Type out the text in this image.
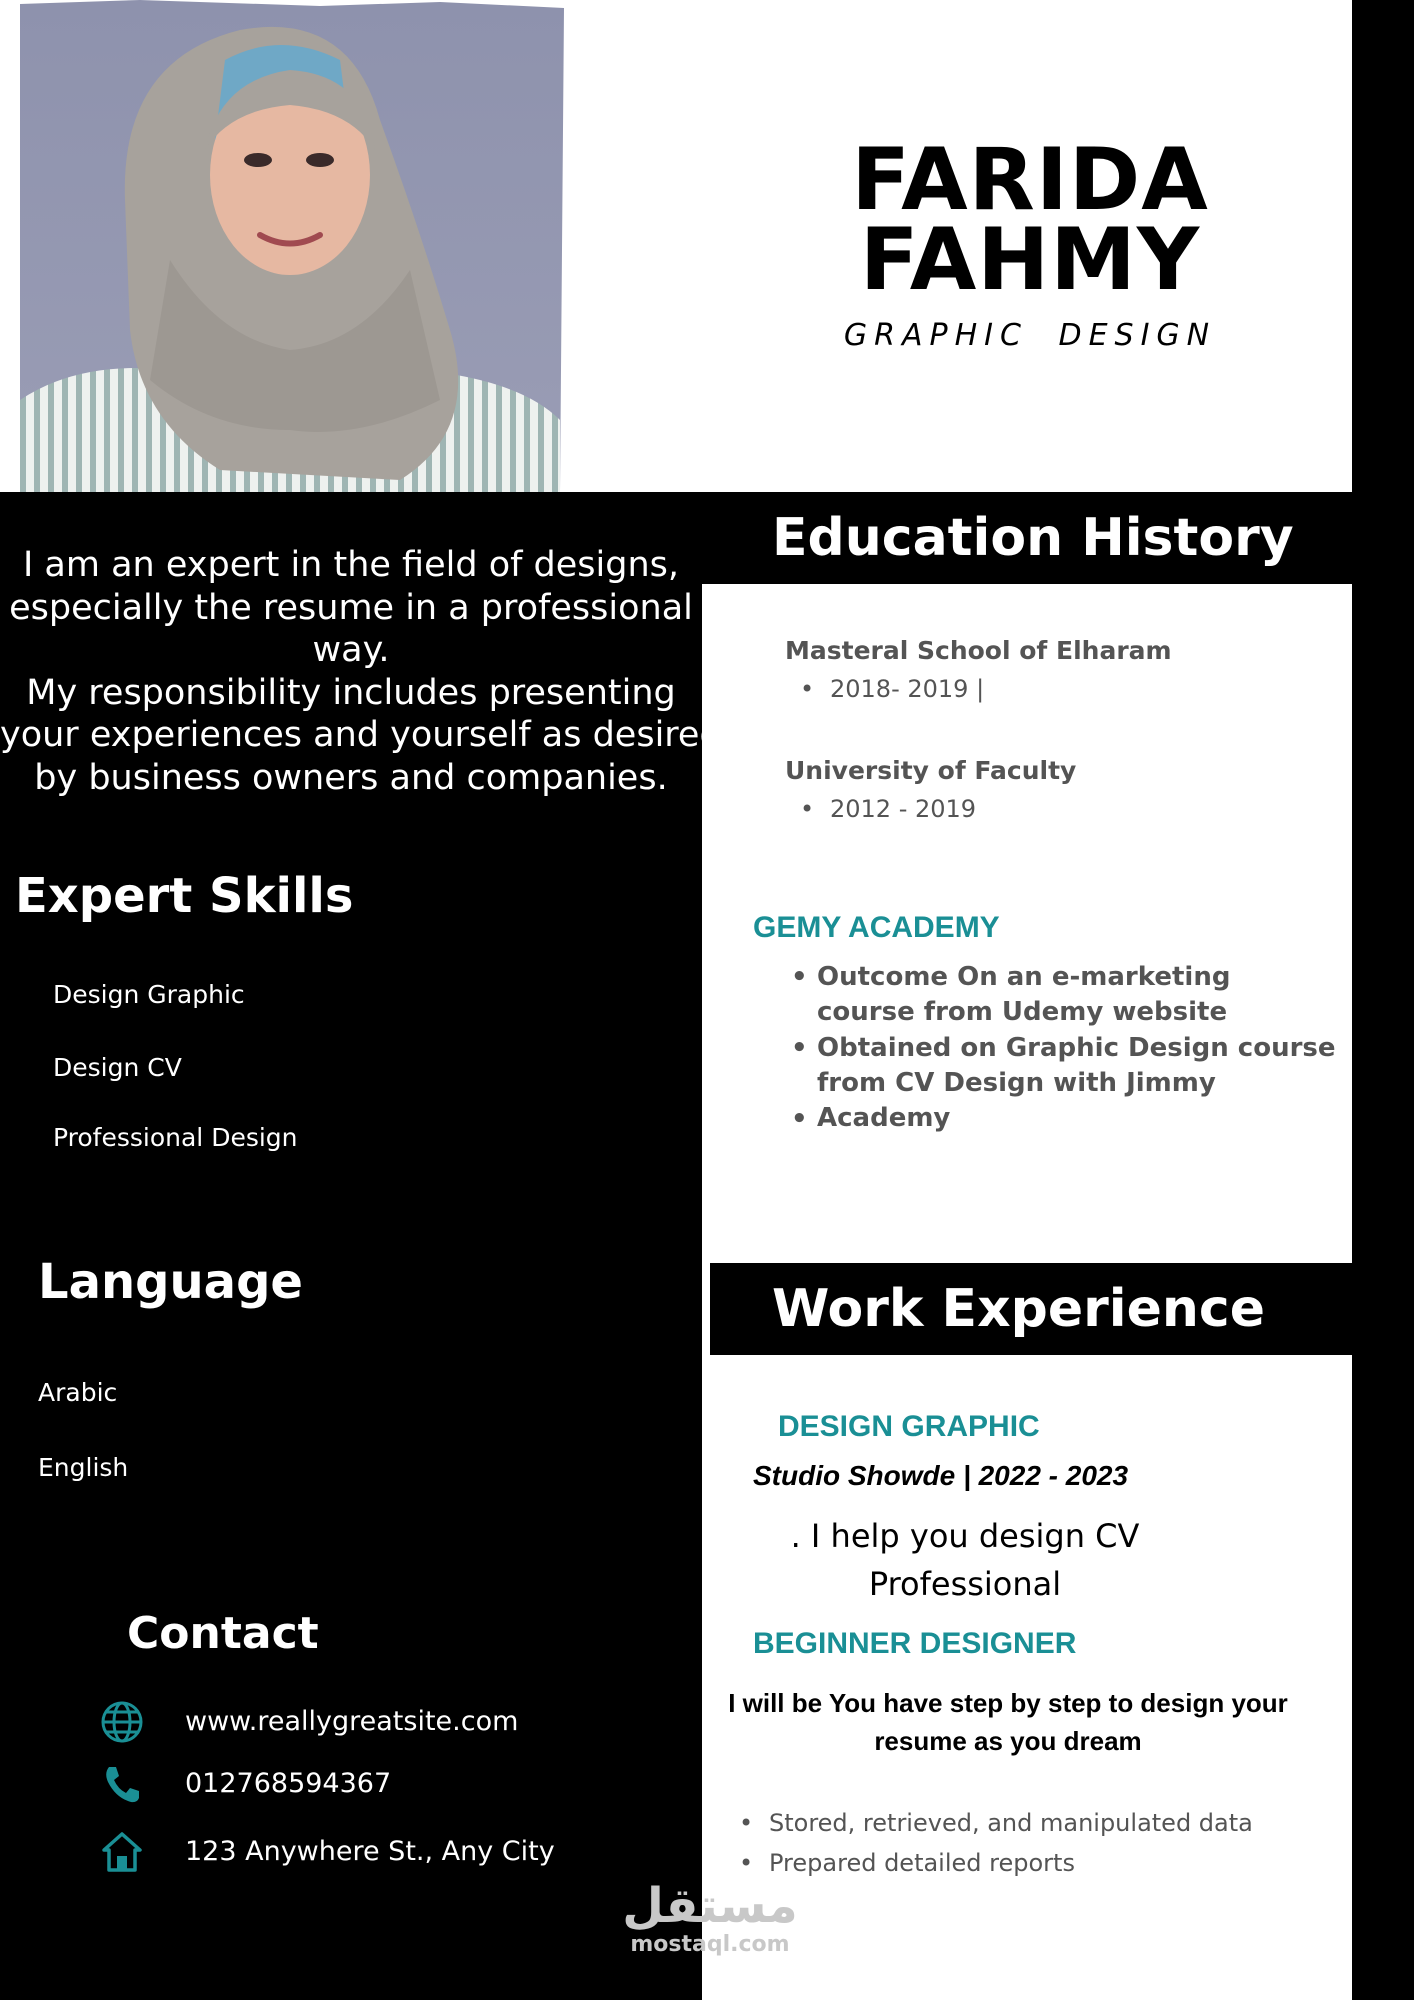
FARIDA
FAHMY
GRAPHIC DESIGN
I am an expert in the field of designs,
especially the resume in a professional
way.
My responsibility includes presenting
your experiences and yourself as desired
by business owners and companies.
Expert Skills
Design Graphic
Design CV
Professional Design
Language
Arabic
English
Contact
www.reallygreatsite.com
012768594367
123 Anywhere St., Any City
Education History
Masteral School of Elharam
• 2018- 2019 |
University of Faculty
• 2012 - 2019
GEMY ACADEMY
• Outcome On an e-marketing course from Udemy website
• Obtained on Graphic Design course from CV Design with Jimmy Academy
•
Work Experience
DESIGN GRAPHIC
Studio Showde | 2022 - 2023
. I help you design CV Professional
BEGINNER DESIGNER
I will be You have step by step to design your resume as you dream
• Stored, retrieved, and manipulated data
• Prepared detailed reports
مستقل
mostaql.com
